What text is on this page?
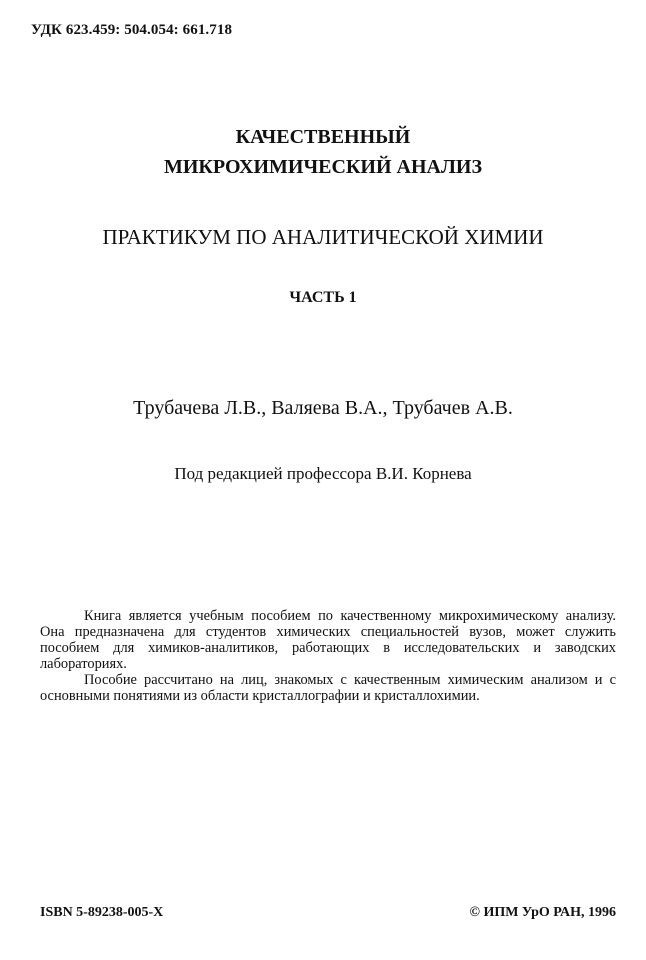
УДК 623.459: 504.054: 661.718
КАЧЕСТВЕННЫЙ
МИКРОХИМИЧЕСКИЙ АНАЛИЗ
ПРАКТИКУМ ПО АНАЛИТИЧЕСКОЙ ХИМИИ
ЧАСТЬ 1
Трубачева Л.В., Валяева В.А., Трубачев А.В.
Под редакцией профессора В.И. Корнева

Книга является учебным пособием по качественному микрохимическому анализу. Она предназначена для студентов химических специальностей вузов, может служить пособием для химиков-аналитиков, работающих в исследовательских и заводских лабораториях.

Пособие рассчитано на лиц, знакомых с качественным химическим анализом и с основными понятиями из области кристаллографии и кристаллохимии.

ISBN 5-89238-005-X	© ИПМ УрО РАН, 1996
